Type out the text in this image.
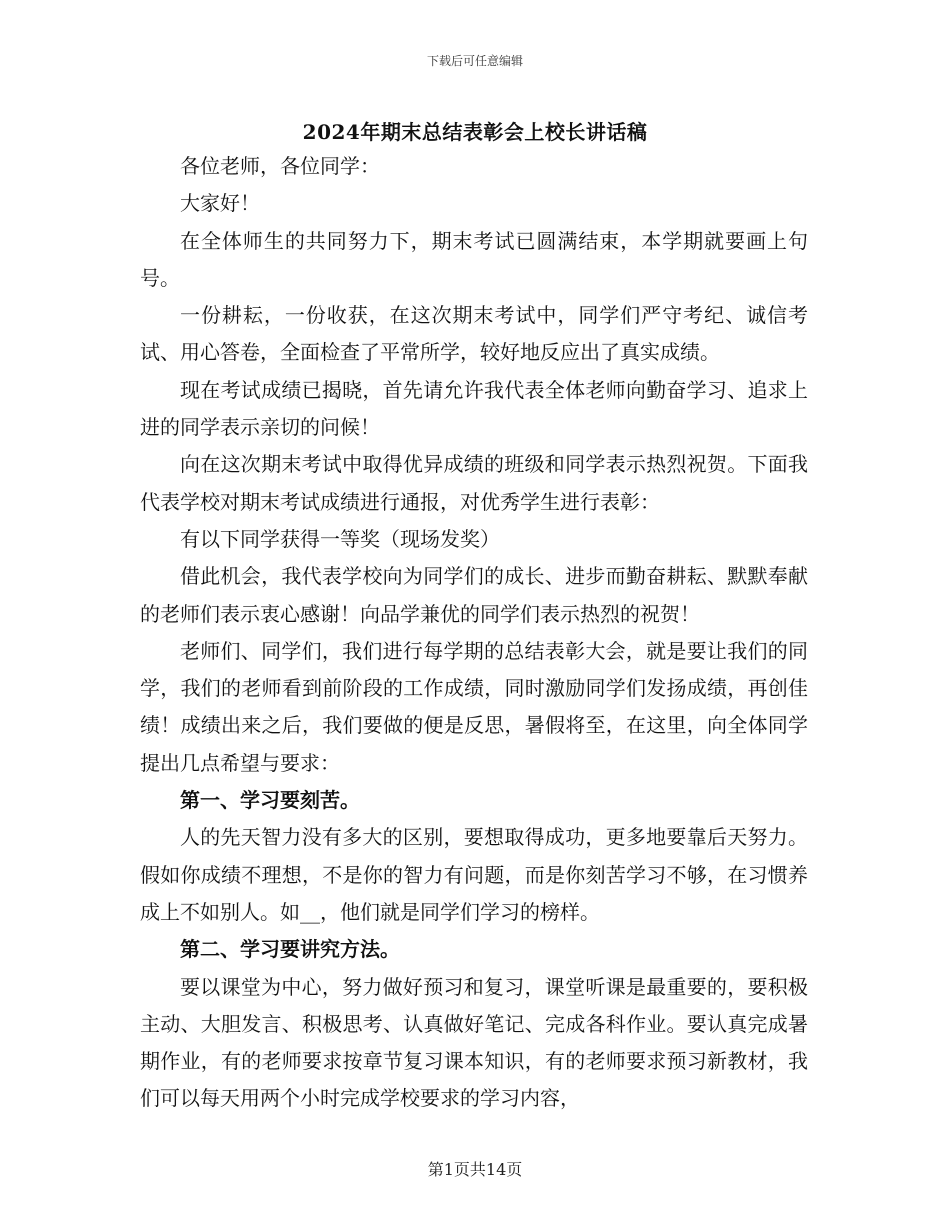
下载后可任意编辑
2024年期末总结表彰会上校长讲话稿

各位老师，各位同学：

大家好！

在全体师生的共同努力下，期末考试已圆满结束，本学期就要画上句号。

一份耕耘，一份收获，在这次期末考试中，同学们严守考纪、诚信考试、用心答卷，全面检查了平常所学，较好地反应出了真实成绩。

现在考试成绩已揭晓，首先请允许我代表全体老师向勤奋学习、追求上进的同学表示亲切的问候！

向在这次期末考试中取得优异成绩的班级和同学表示热烈祝贺。下面我代表学校对期末考试成绩进行通报，对优秀学生进行表彰：

有以下同学获得一等奖（现场发奖）

借此机会，我代表学校向为同学们的成长、进步而勤奋耕耘、默默奉献的老师们表示衷心感谢！向品学兼优的同学们表示热烈的祝贺！

老师们、同学们，我们进行每学期的总结表彰大会，就是要让我们的同学，我们的老师看到前阶段的工作成绩，同时激励同学们发扬成绩，再创佳绩！成绩出来之后，我们要做的便是反思，暑假将至，在这里，向全体同学提出几点希望与要求：

第一、学习要刻苦。

人的先天智力没有多大的区别，要想取得成功，更多地要靠后天努力。假如你成绩不理想，不是你的智力有问题，而是你刻苦学习不够，在习惯养成上不如别人。如__，他们就是同学们学习的榜样。

第二、学习要讲究方法。

要以课堂为中心，努力做好预习和复习，课堂听课是最重要的，要积极主动、大胆发言、积极思考、认真做好笔记、完成各科作业。要认真完成暑期作业，有的老师要求按章节复习课本知识，有的老师要求预习新教材，我们可以每天用两个小时完成学校要求的学习内容，

第1页共14页
